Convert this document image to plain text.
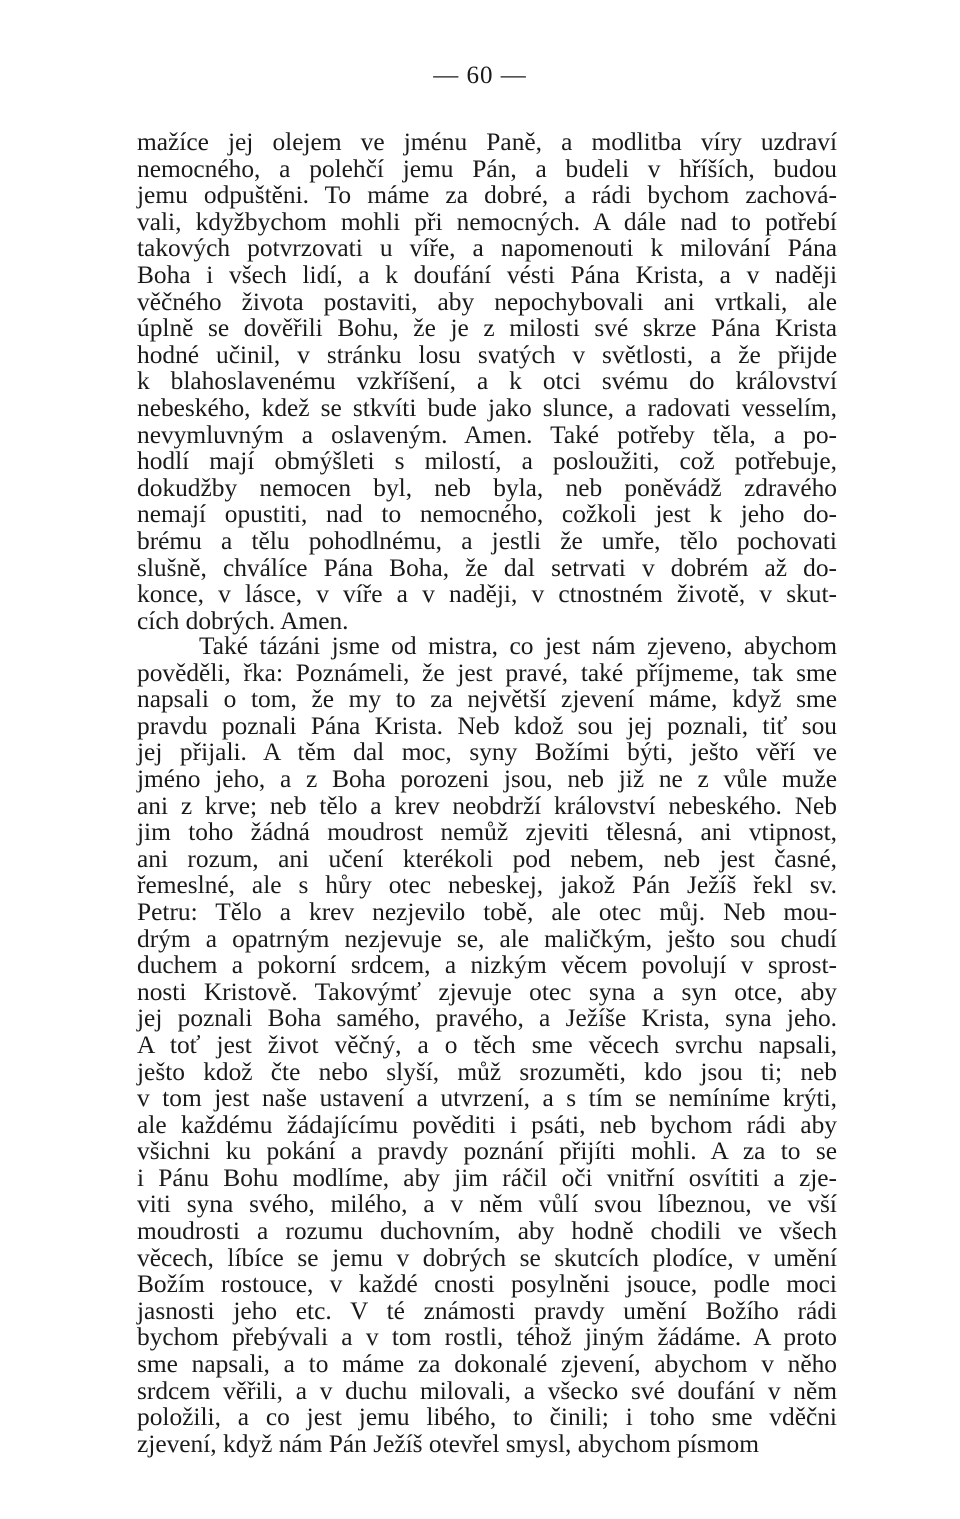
— 60 —
mažíce jej olejem ve jménu Paně, a modlitba víry uzdraví
nemocného, a polehčí jemu Pán, a budeli v hříších, budou
jemu odpuštěni. To máme za dobré, a rádi bychom zachová-
vali, kdyžbychom mohli při nemocných. A dále nad to potřebí
takových potvrzovati u víře, a napomenouti k milování Pána
Boha i všech lidí, a k doufání vésti Pána Krista, a v naději
věčného života postaviti, aby nepochybovali ani vrtkali, ale
úplně se dověřili Bohu, že je z milosti své skrze Pána Krista
hodné učinil, v stránku losu svatých v světlosti, a že přijde
k blahoslavenému vzkříšení, a k otci svému do království
nebeského, kdež se stkvíti bude jako slunce, a radovati vesselím,
nevymluvným a oslaveným. Amen. Také potřeby těla, a po-
hodlí mají obmýšleti s milostí, a posloužiti, což potřebuje,
dokudžby nemocen byl, neb byla, neb poněvádž zdravého
nemají opustiti, nad to nemocného, cožkoli jest k jeho do-
brému a tělu pohodlnému, a jestli že umře, tělo pochovati
slušně, chválíce Pána Boha, že dal setrvati v dobrém až do-
konce, v lásce, v víře a v naději, v ctnostném životě, v skut-
cích dobrých. Amen.
Také tázáni jsme od mistra, co jest nám zjeveno, abychom
pověděli, řka: Poznámeli, že jest pravé, také příjmeme, tak sme
napsali o tom, že my to za největší zjevení máme, když sme
pravdu poznali Pána Krista. Neb kdož sou jej poznali, tiť sou
jej přijali. A těm dal moc, syny Božími býti, ješto věří ve
jméno jeho, a z Boha porozeni jsou, neb již ne z vůle muže
ani z krve; neb tělo a krev neobdrží království nebeského. Neb
jim toho žádná moudrost nemůž zjeviti tělesná, ani vtipnost,
ani rozum, ani učení kterékoli pod nebem, neb jest časné,
řemeslné, ale s hůry otec nebeskej, jakož Pán Ježíš řekl sv.
Petru: Tělo a krev nezjevilo tobě, ale otec můj. Neb mou-
drým a opatrným nezjevuje se, ale maličkým, ještо sou chudí
duchem a pokorní srdcem, a nizkým věcem povolují v sprost-
nosti Kristově. Takovýmť zjevuje otec syna a syn otce, aby
jej poznali Boha samého, pravého, a Ježíše Krista, syna jeho.
A toť jest život věčný, a o těch sme věcech svrchu napsali,
ješto kdož čte nebo slyší, můž srozuměti, kdo jsou ti; neb
v tom jest naše ustavení a utvrzení, a s tím se nemíníme krýti,
ale každému žádajícímu pověditi i psáti, neb bychom rádi aby
všichni ku pokání a pravdy poznání přijíti mohli. A za to se
i Pánu Bohu modlíme, aby jim ráčil oči vnitřní osvítiti a zje-
viti syna svého, milého, a v něm vůlí svou líbeznou, ve vší
moudrosti a rozumu duchovním, aby hodně chodili ve všech
věcech, líbíce se jemu v dobrých se skutcích plodíce, v umění
Božím rostouce, v každé cnosti posylněni jsouce, podle moci
jasnosti jeho etc. V té známosti pravdy umění Božího rádi
bychom přebývali a v tom rostli, téhož jiným žádáme. A proto
sme napsali, a to máme za dokonalé zjevení, abychom v něho
srdcem věřili, a v duchu milovali, a všecko své doufání v něm
položili, a co jest jemu libého, to činili; i toho sme vděčni
zjevení, když nám Pán Ježíš otevřel smysl, abychom písmom
